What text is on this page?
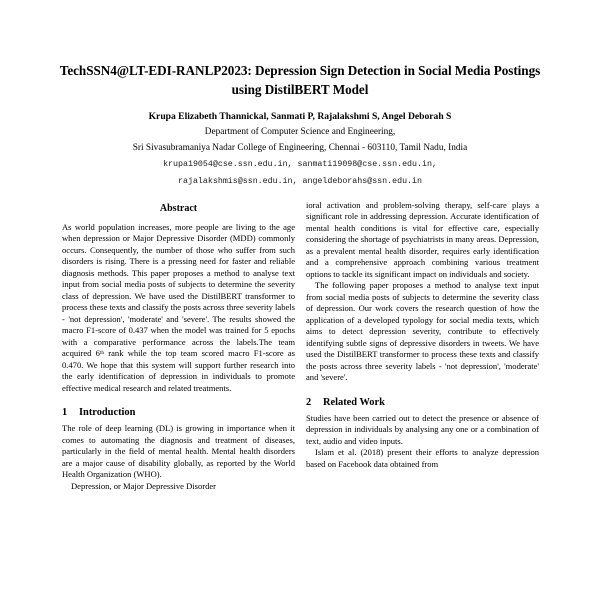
TechSSN4@LT-EDI-RANLP2023: Depression Sign Detection in Social Media Postings using DistilBERT Model
Krupa Elizabeth Thannickal, Sanmati P, Rajalakshmi S, Angel Deborah S
Department of Computer Science and Engineering,
Sri Sivasubramaniya Nadar College of Engineering, Chennai - 603110, Tamil Nadu, India
krupa19054@cse.ssn.edu.in, sanmati19098@cse.ssn.edu.in,
rajalakshmis@ssn.edu.in, angeldeborahs@ssn.edu.in
Abstract

As world population increases, more people are living to the age when depression or Major Depressive Disorder (MDD) commonly occurs. Consequently, the number of those who suffer from such disorders is rising. There is a pressing need for faster and reliable diagnosis methods. This paper proposes a method to analyse text input from social media posts of subjects to determine the severity class of depression. We have used the DistilBERT transformer to process these texts and classify the posts across three severity labels - 'not depression', 'moderate' and 'severe'. The results showed the macro F1-score of 0.437 when the model was trained for 5 epochs with a comparative performance across the labels.The team acquired 6th rank while the top team scored macro F1-score as 0.470. We hope that this system will support further research into the early identification of depression in individuals to promote effective medical research and related treatments.

1	Introduction

The role of deep learning (DL) is growing in importance when it comes to automating the diagnosis and treatment of diseases, particularly in the field of mental health. Mental health disorders are a major cause of disability globally, as reported by the World Health Organization (WHO).

Depression, or Major Depressive Disorder

ioral activation and problem-solving therapy, self-care plays a significant role in addressing depression. Accurate identification of mental health conditions is vital for effective care, especially considering the shortage of psychiatrists in many areas. Depression, as a prevalent mental health disorder, requires early identification and a comprehensive approach combining various treatment options to tackle its significant impact on individuals and society.

The following paper proposes a method to analyse text input from social media posts of subjects to determine the severity class of depression. Our work covers the research question of how the application of a developed typology for social media texts, which aims to detect depression severity, contribute to effectively identifying subtle signs of depressive disorders in tweets. We have used the DistilBERT transformer to process these texts and classify the posts across three severity labels - 'not depression', 'moderate' and 'severe'.

2	Related Work

Studies have been carried out to detect the presence or absence of depression in individuals by analysing any one or a combination of text, audio and video inputs.

Islam et al. (2018) present their efforts to analyze depression based on Facebook data obtained from
